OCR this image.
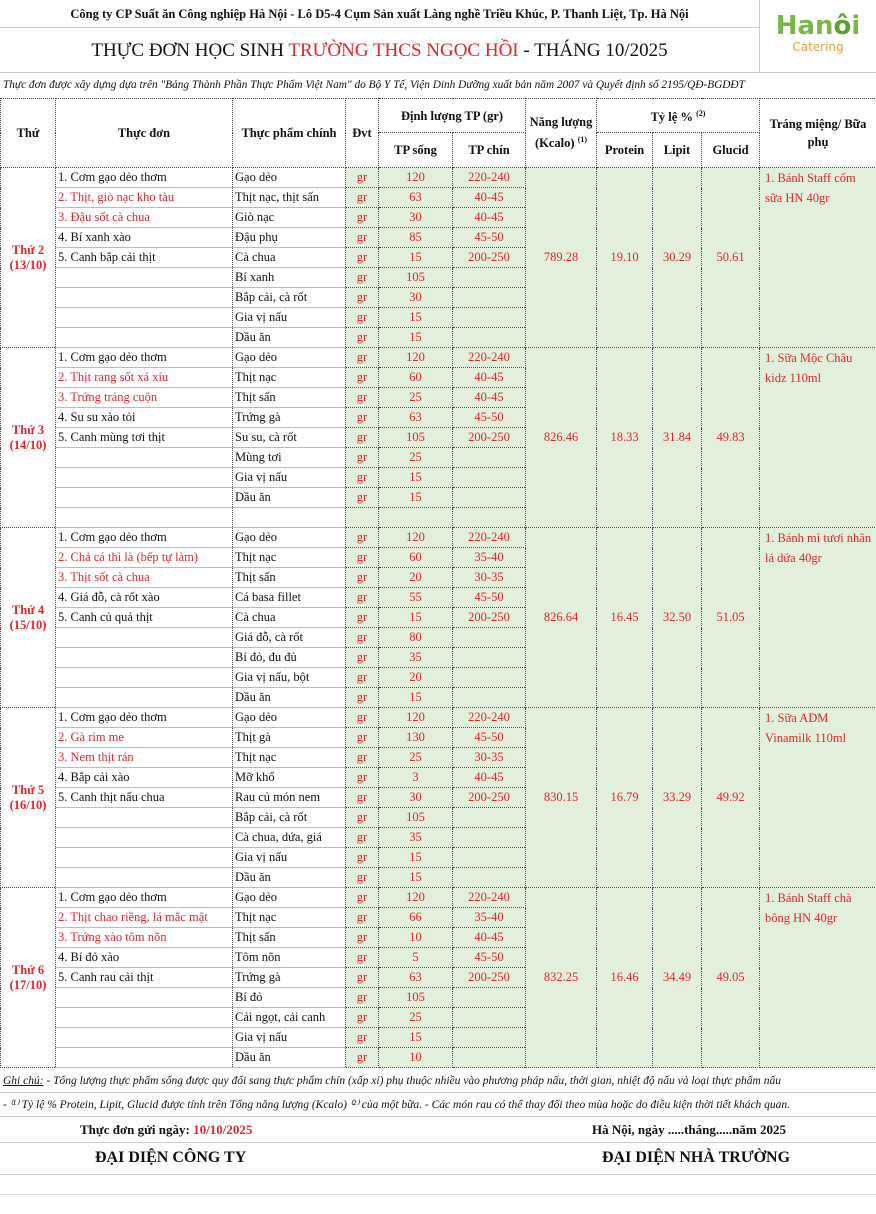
Công ty CP Suất ăn Công nghiệp Hà Nội - Lô D5-4 Cụm Sản xuất Làng nghề Triều Khúc, P. Thanh Liệt, Tp. Hà Nội
THỰC ĐƠN HỌC SINH TRƯỜNG THCS NGỌC HỒI - THÁNG 10/2025
Hanôi
Catering
Thực đơn được xây dựng dựa trên "Bảng Thành Phần Thực Phẩm Việt Nam" do Bộ Y Tế, Viện Dinh Dưỡng xuất bản năm 2007 và Quyết định số 2195/QĐ-BGDĐT
Thứ	Thực đơn	Thực phẩm chính	Đvt	Định lượng TP (gr)		Năng lượng (Kcalo) $^{(1)}$	Tỷ lệ % $^{(2)}$			Tráng miệng/ Bữa phụ
				TP sống	TP chín		Protein	Lipit	Glucid	
Thứ 2
(13/10)	1. Cơm gạo dẻo thơm	Gạo dẻo	gr	120	220-240	789.28	19.10	30.29	50.61	1. Bánh Staff cốm sữa HN 40gr
	2. Thịt, giò nạc kho tàu	Thịt nạc, thịt sấn	gr	63	40-45					
	3. Đậu sốt cà chua	Giò nạc	gr	30	40-45					
	4. Bí xanh xào	Đậu phụ	gr	85	45-50					
	5. Canh bắp cải thịt	Cà chua	gr	15	200-250					
		Bí xanh	gr	105						
		Bắp cải, cà rốt	gr	30						
		Gia vị nấu	gr	15						
		Dầu ăn	gr	15						
Thứ 3
(14/10)	1. Cơm gạo dẻo thơm	Gạo dẻo	gr	120	220-240	826.46	18.33	31.84	49.83	1. Sữa Mộc Châu kidz 110ml
	2. Thịt rang sốt xá xíu	Thịt nạc	gr	60	40-45					
	3. Trứng tráng cuộn	Thịt sấn	gr	25	40-45					
	4. Su su xào tỏi	Trứng gà	gr	63	45-50					
	5. Canh mùng tơi thịt	Su su, cà rốt	gr	105	200-250					
		Mùng tơi	gr	25						
		Gia vị nấu	gr	15						
		Dầu ăn	gr	15						

Thứ 4
(15/10)	1. Cơm gạo dẻo thơm	Gạo dẻo	gr	120	220-240	826.64	16.45	32.50	51.05	1. Bánh mì tươi nhân lá dứa 40gr
	2. Chả cá thì là (bếp tự làm)	Thịt nạc	gr	60	35-40					
	3. Thịt sốt cà chua	Thịt sấn	gr	20	30-35					
	4. Giá đỗ, cà rốt xào	Cá basa fillet	gr	55	45-50					
	5. Canh củ quả thịt	Cà chua	gr	15	200-250					
		Giá đỗ, cà rốt	gr	80						
		Bí đỏ, đu đủ	gr	35						
		Gia vị nấu, bột	gr	20						
		Dầu ăn	gr	15						
Thứ 5
(16/10)	1. Cơm gạo dẻo thơm	Gạo dẻo	gr	120	220-240	830.15	16.79	33.29	49.92	1. Sữa ADM Vinamilk 110ml
	2. Gà rim me	Thịt gà	gr	130	45-50					
	3. Nem thịt rán	Thịt nạc	gr	25	30-35					
	4. Bắp cải xào	Mỡ khổ	gr	3	40-45					
	5. Canh thịt nấu chua	Rau củ món nem	gr	30	200-250					
		Bắp cải, cà rốt	gr	105						
		Cà chua, dứa, giá	gr	35						
		Gia vị nấu	gr	15						
		Dầu ăn	gr	15						
Thứ 6
(17/10)	1. Cơm gạo dẻo thơm	Gạo dẻo	gr	120	220-240	832.25	16.46	34.49	49.05	1. Bánh Staff chà bông HN 40gr
	2. Thịt chao riềng, lá mắc mật	Thịt nạc	gr	66	35-40					
	3. Trứng xào tôm nõn	Thịt sấn	gr	10	40-45					
	4. Bí đỏ xào	Tôm nõn	gr	5	45-50					
	5. Canh rau cải thịt	Trứng gà	gr	63	200-250					
		Bí đỏ	gr	105						
		Cải ngọt, cải canh	gr	25						
		Gia vị nấu	gr	15						
		Dầu ăn	gr	10						
Ghi chú: - Tổng lượng thực phẩm sống được quy đổi sang thực phẩm chín (xấp xỉ) phụ thuộc nhiều vào phương pháp nấu, thời gian, nhiệt độ nấu và loại thực phẩm nấu
- ⁽¹⁾ Tỷ lệ % Protein, Lipit, Glucid được tính trên Tổng năng lượng (Kcalo) ⁽²⁾ của một bữa. - Các món rau có thể thay đổi theo mùa hoặc do điều kiện thời tiết khách quan.
Thực đơn gửi ngày: 10/10/2025	Hà Nội, ngày .....tháng.....năm 2025
ĐẠI DIỆN CÔNG TY	ĐẠI DIỆN NHÀ TRƯỜNG
